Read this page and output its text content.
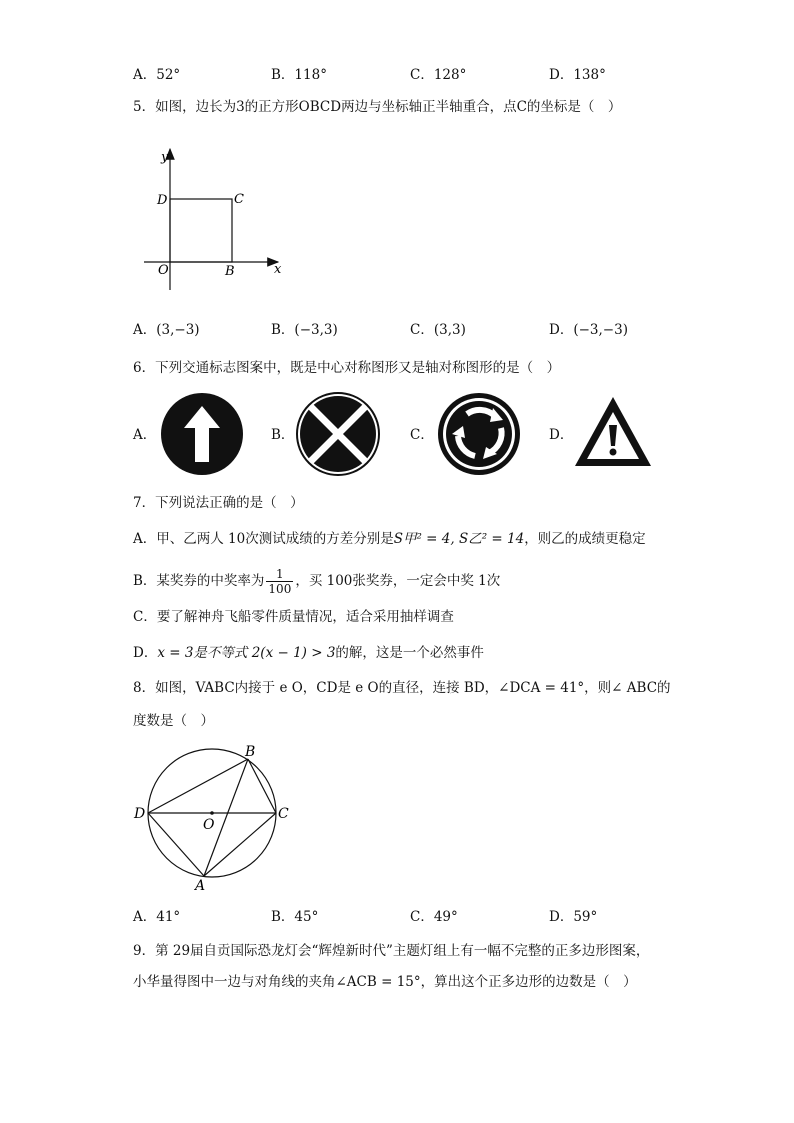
A．52°	B．118°	C．128°	D．138°
5．如图，边长为3的正方形OBCD两边与坐标轴正半轴重合，点C的坐标是（　）
y
x
D	C
O	B
A．(3,−3)	B．(−3,3)	C．(3,3)	D．(−3,−3)
6．下列交通标志图案中，既是中心对称图形又是轴对称图形的是（　）
A．	B．	C．	D．
7．下列说法正确的是（　）
A．甲、乙两人 10次测试成绩的方差分别是S甲² = 4, S乙² = 14，则乙的成绩更稳定
B．某奖券的中奖率为 $\frac{1}{100}$ ，买 100张奖券，一定会中奖 1次
C．要了解神舟飞船零件质量情况，适合采用抽样调查
D．x = 3是不等式 2(x − 1) > 3的解，这是一个必然事件
8．如图，VABC内接于 e O，CD是 e O的直径，连接 BD，∠DCA = 41°，则∠ ABC的
度数是（　）
B
D
O
C
A
A．41°	B．45°	C．49°	D．59°
9．第 29届自贡国际恐龙灯会“辉煌新时代”主题灯组上有一幅不完整的正多边形图案，
小华量得图中一边与对角线的夹角∠ACB = 15°，算出这个正多边形的边数是（　）
